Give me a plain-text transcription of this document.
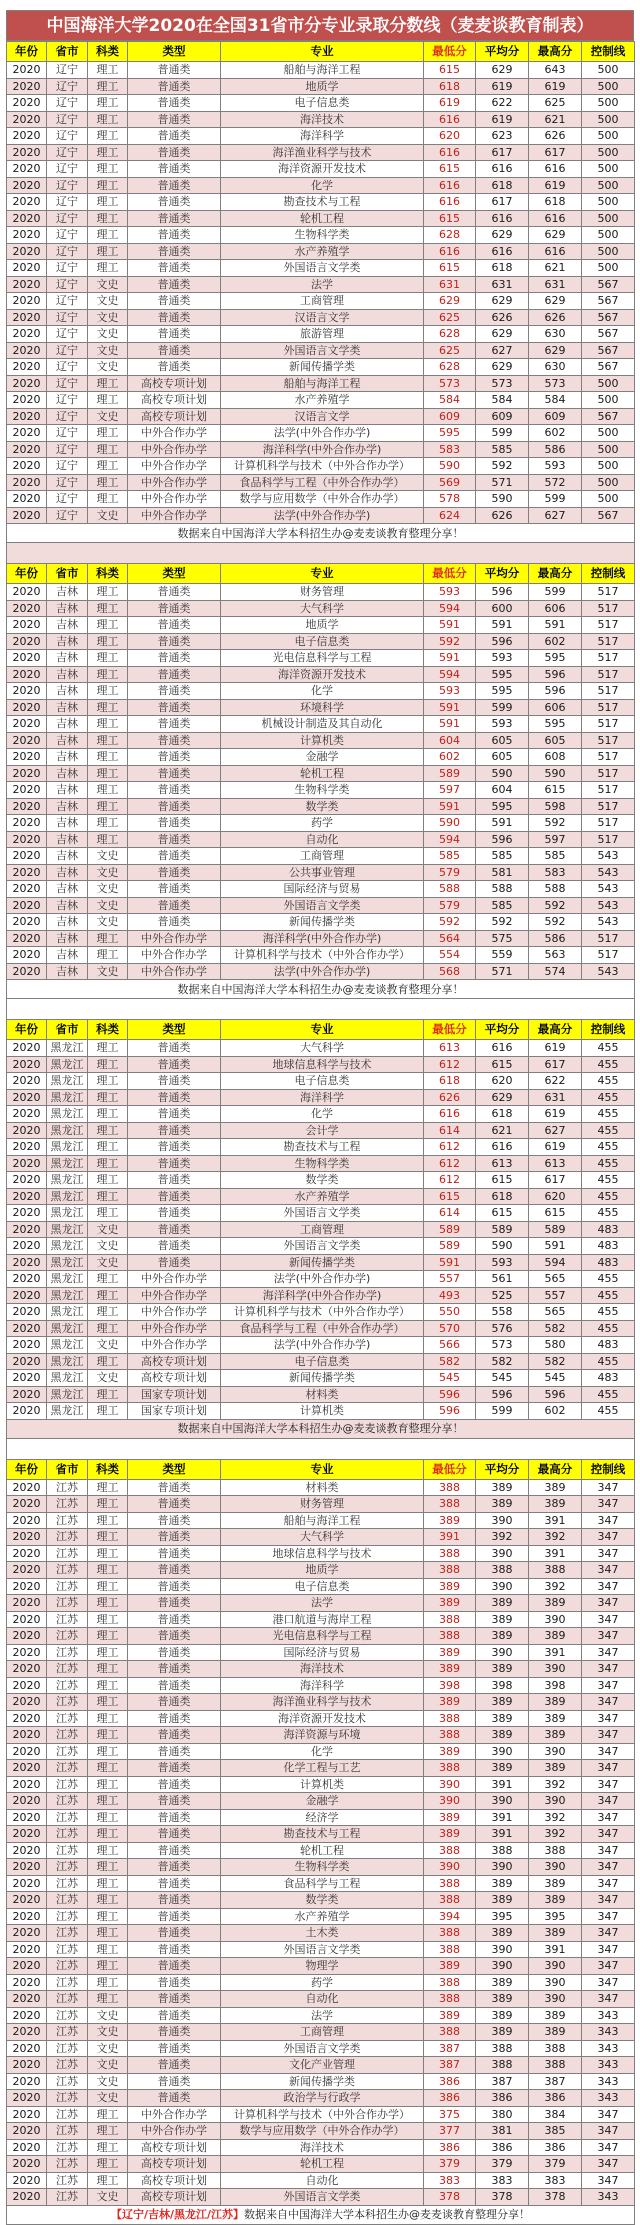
中国海洋大学2020在全国31省市分专业录取分数线（麦麦谈教育制表）
年份	省市	科类	类型	专业	最低分	平均分	最高分	控制线
2020	辽宁	理工	普通类	船舶与海洋工程	615	629	643	500
2020	辽宁	理工	普通类	地质学	618	619	619	500
2020	辽宁	理工	普通类	电子信息类	619	622	625	500
2020	辽宁	理工	普通类	海洋技术	616	619	621	500
2020	辽宁	理工	普通类	海洋科学	620	623	626	500
2020	辽宁	理工	普通类	海洋渔业科学与技术	616	617	617	500
2020	辽宁	理工	普通类	海洋资源开发技术	615	616	616	500
2020	辽宁	理工	普通类	化学	616	618	619	500
2020	辽宁	理工	普通类	勘查技术与工程	616	617	618	500
2020	辽宁	理工	普通类	轮机工程	615	616	616	500
2020	辽宁	理工	普通类	生物科学类	628	629	629	500
2020	辽宁	理工	普通类	水产养殖学	616	616	616	500
2020	辽宁	理工	普通类	外国语言文学类	615	618	621	500
2020	辽宁	文史	普通类	法学	631	631	631	567
2020	辽宁	文史	普通类	工商管理	629	629	629	567
2020	辽宁	文史	普通类	汉语言文学	625	626	626	567
2020	辽宁	文史	普通类	旅游管理	628	629	630	567
2020	辽宁	文史	普通类	外国语言文学类	625	627	629	567
2020	辽宁	文史	普通类	新闻传播学类	628	629	630	567
2020	辽宁	理工	高校专项计划	船舶与海洋工程	573	573	573	500
2020	辽宁	理工	高校专项计划	水产养殖学	584	584	584	500
2020	辽宁	文史	高校专项计划	汉语言文学	609	609	609	567
2020	辽宁	理工	中外合作办学	法学(中外合作办学)	595	599	602	500
2020	辽宁	理工	中外合作办学	海洋科学(中外合作办学)	583	585	586	500
2020	辽宁	理工	中外合作办学	计算机科学与技术（中外合作办学）	590	592	593	500
2020	辽宁	理工	中外合作办学	食品科学与工程（中外合作办学）	569	571	572	500
2020	辽宁	理工	中外合作办学	数学与应用数学（中外合作办学）	578	590	599	500
2020	辽宁	文史	中外合作办学	法学(中外合作办学)	624	626	627	567
数据来自中国海洋大学本科招生办@麦麦谈教育整理分享！								

年份	省市	科类	类型	专业	最低分	平均分	最高分	控制线
2020	吉林	理工	普通类	财务管理	593	596	599	517
2020	吉林	理工	普通类	大气科学	594	600	606	517
2020	吉林	理工	普通类	地质学	591	591	591	517
2020	吉林	理工	普通类	电子信息类	592	596	602	517
2020	吉林	理工	普通类	光电信息科学与工程	591	593	595	517
2020	吉林	理工	普通类	海洋资源开发技术	594	595	596	517
2020	吉林	理工	普通类	化学	593	595	596	517
2020	吉林	理工	普通类	环境科学	591	599	606	517
2020	吉林	理工	普通类	机械设计制造及其自动化	591	593	595	517
2020	吉林	理工	普通类	计算机类	604	605	605	517
2020	吉林	理工	普通类	金融学	602	605	608	517
2020	吉林	理工	普通类	轮机工程	589	590	590	517
2020	吉林	理工	普通类	生物科学类	597	604	615	517
2020	吉林	理工	普通类	数学类	591	595	598	517
2020	吉林	理工	普通类	药学	590	591	592	517
2020	吉林	理工	普通类	自动化	594	596	597	517
2020	吉林	文史	普通类	工商管理	585	585	585	543
2020	吉林	文史	普通类	公共事业管理	579	581	583	543
2020	吉林	文史	普通类	国际经济与贸易	588	588	588	543
2020	吉林	文史	普通类	外国语言文学类	579	585	592	543
2020	吉林	文史	普通类	新闻传播学类	592	592	592	543
2020	吉林	理工	中外合作办学	海洋科学(中外合作办学)	564	575	586	517
2020	吉林	理工	中外合作办学	计算机科学与技术（中外合作办学）	554	559	563	517
2020	吉林	文史	中外合作办学	法学(中外合作办学)	568	571	574	543
数据来自中国海洋大学本科招生办@麦麦谈教育整理分享！								

年份	省市	科类	类型	专业	最低分	平均分	最高分	控制线
2020	黑龙江	理工	普通类	大气科学	613	616	619	455
2020	黑龙江	理工	普通类	地球信息科学与技术	612	615	617	455
2020	黑龙江	理工	普通类	电子信息类	618	620	622	455
2020	黑龙江	理工	普通类	海洋科学	626	629	631	455
2020	黑龙江	理工	普通类	化学	616	618	619	455
2020	黑龙江	理工	普通类	会计学	614	621	627	455
2020	黑龙江	理工	普通类	勘查技术与工程	612	616	619	455
2020	黑龙江	理工	普通类	生物科学类	612	613	613	455
2020	黑龙江	理工	普通类	数学类	612	615	617	455
2020	黑龙江	理工	普通类	水产养殖学	615	618	620	455
2020	黑龙江	理工	普通类	外国语言文学类	614	615	615	455
2020	黑龙江	文史	普通类	工商管理	589	589	589	483
2020	黑龙江	文史	普通类	外国语言文学类	589	590	591	483
2020	黑龙江	文史	普通类	新闻传播学类	591	593	594	483
2020	黑龙江	理工	中外合作办学	法学(中外合作办学)	557	561	565	455
2020	黑龙江	理工	中外合作办学	海洋科学(中外合作办学)	493	525	557	455
2020	黑龙江	理工	中外合作办学	计算机科学与技术（中外合作办学）	550	558	565	455
2020	黑龙江	理工	中外合作办学	食品科学与工程（中外合作办学）	570	576	582	455
2020	黑龙江	文史	中外合作办学	法学(中外合作办学)	566	573	580	483
2020	黑龙江	理工	高校专项计划	电子信息类	582	582	582	455
2020	黑龙江	文史	高校专项计划	新闻传播学类	545	545	545	483
2020	黑龙江	理工	国家专项计划	材料类	596	596	596	455
2020	黑龙江	理工	国家专项计划	计算机类	596	599	602	455
数据来自中国海洋大学本科招生办@麦麦谈教育整理分享！								

年份	省市	科类	类型	专业	最低分	平均分	最高分	控制线
2020	江苏	理工	普通类	材料类	388	389	389	347
2020	江苏	理工	普通类	财务管理	388	389	389	347
2020	江苏	理工	普通类	船舶与海洋工程	389	390	391	347
2020	江苏	理工	普通类	大气科学	391	392	392	347
2020	江苏	理工	普通类	地球信息科学与技术	388	390	391	347
2020	江苏	理工	普通类	地质学	388	388	388	347
2020	江苏	理工	普通类	电子信息类	389	390	392	347
2020	江苏	理工	普通类	法学	389	389	389	347
2020	江苏	理工	普通类	港口航道与海岸工程	388	389	390	347
2020	江苏	理工	普通类	光电信息科学与工程	388	389	389	347
2020	江苏	理工	普通类	国际经济与贸易	389	390	391	347
2020	江苏	理工	普通类	海洋技术	389	389	390	347
2020	江苏	理工	普通类	海洋科学	398	398	398	347
2020	江苏	理工	普通类	海洋渔业科学与技术	389	389	389	347
2020	江苏	理工	普通类	海洋资源开发技术	388	389	389	347
2020	江苏	理工	普通类	海洋资源与环境	388	389	389	347
2020	江苏	理工	普通类	化学	389	390	390	347
2020	江苏	理工	普通类	化学工程与工艺	388	389	389	347
2020	江苏	理工	普通类	计算机类	390	391	392	347
2020	江苏	理工	普通类	金融学	390	390	390	347
2020	江苏	理工	普通类	经济学	389	391	392	347
2020	江苏	理工	普通类	勘查技术与工程	389	391	392	347
2020	江苏	理工	普通类	轮机工程	388	388	388	347
2020	江苏	理工	普通类	生物科学类	390	390	390	347
2020	江苏	理工	普通类	食品科学与工程	388	389	389	347
2020	江苏	理工	普通类	数学类	388	389	389	347
2020	江苏	理工	普通类	水产养殖学	394	395	395	347
2020	江苏	理工	普通类	土木类	388	389	389	347
2020	江苏	理工	普通类	外国语言文学类	388	390	391	347
2020	江苏	理工	普通类	物理学	389	390	390	347
2020	江苏	理工	普通类	药学	388	389	390	347
2020	江苏	理工	普通类	自动化	388	389	390	347
2020	江苏	文史	普通类	法学	389	389	389	343
2020	江苏	文史	普通类	工商管理	388	389	389	343
2020	江苏	文史	普通类	外国语言文学类	387	388	388	343
2020	江苏	文史	普通类	文化产业管理	387	388	388	343
2020	江苏	文史	普通类	新闻传播学类	386	387	387	343
2020	江苏	文史	普通类	政治学与行政学	386	386	386	343
2020	江苏	理工	中外合作办学	计算机科学与技术（中外合作办学）	375	380	384	347
2020	江苏	理工	中外合作办学	数学与应用数学（中外合作办学）	377	381	385	347
2020	江苏	理工	高校专项计划	海洋技术	386	386	386	347
2020	江苏	理工	高校专项计划	轮机工程	379	379	379	347
2020	江苏	理工	高校专项计划	自动化	383	383	383	347
2020	江苏	文史	高校专项计划	外国语言文学类	378	378	378	343
【辽宁/吉林/黑龙江/江苏】数据来自中国海洋大学本科招生办@麦麦谈教育整理分享！								
